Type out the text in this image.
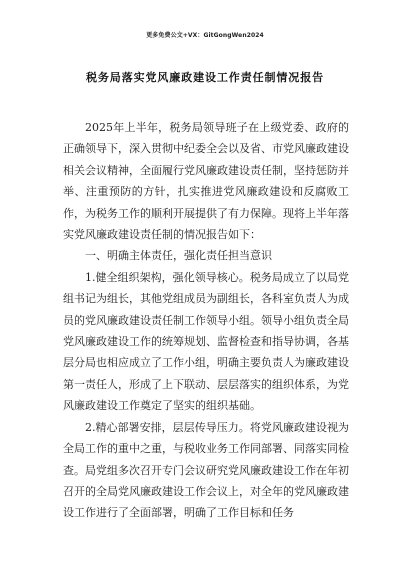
更多免费公文+VX：GitGongWen2024
税务局落实党风廉政建设工作责任制情况报告

2025年上半年，税务局领导班子在上级党委、政府的正确领导下，深入贯彻中纪委全会以及省、市党风廉政建设相关会议精神，全面履行党风廉政建设责任制，坚持惩防并举、注重预防的方针，扎实推进党风廉政建设和反腐败工作，为税务工作的顺利开展提供了有力保障。现将上半年落实党风廉政建设责任制的情况报告如下：

一、明确主体责任，强化责任担当意识

1.健全组织架构，强化领导核心。税务局成立了以局党组书记为组长，其他党组成员为副组长，各科室负责人为成员的党风廉政建设责任制工作领导小组。领导小组负责全局党风廉政建设工作的统筹规划、监督检查和指导协调，各基层分局也相应成立了工作小组，明确主要负责人为廉政建设第一责任人，形成了上下联动、层层落实的组织体系，为党风廉政建设工作奠定了坚实的组织基础。

2.精心部署安排，层层传导压力。将党风廉政建设视为全局工作的重中之重，与税收业务工作同部署、同落实同检查。局党组多次召开专门会议研究党风廉政建设工作在年初召开的全局党风廉政建设工作会议上，对全年的党风廉政建设工作进行了全面部署，明确了工作目标和任务
